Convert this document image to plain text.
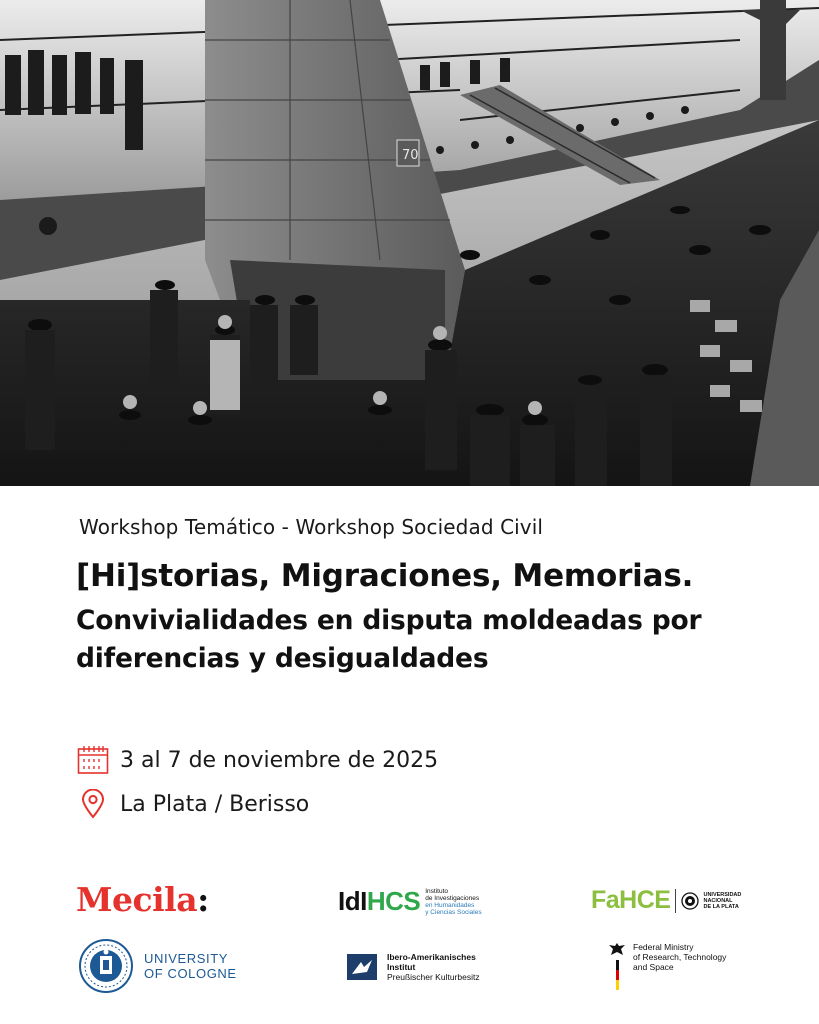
70
Workshop Temático - Workshop Sociedad Civil
[Hi]storias, Migraciones, Memorias.
Convivialidades en disputa moldeadas por diferencias y desigualdades
3 al 7 de noviembre de 2025
La Plata / Berisso
Mecila:	IdIHCS Instituto
de Investigaciones
en Humanidades
y Ciencias Sociales	FaHCE	UNIVERSIDAD
NACIONAL
DE LA PLATA
UNIVERSITY
OF COLOGNE
Ibero-Amerikanisches
Institut
Preußischer Kulturbesitz
Federal Ministry
of Research, Technology
and Space
